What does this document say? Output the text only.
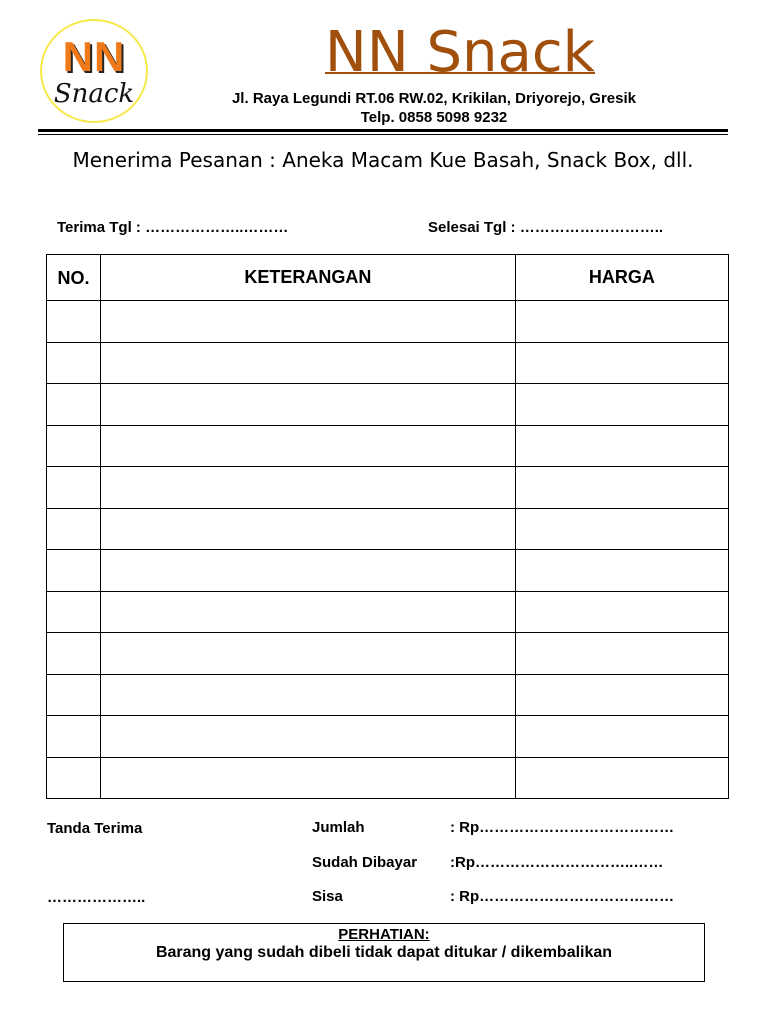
NN
Snack
NN Snack
Jl. Raya Legundi RT.06 RW.02, Krikilan, Driyorejo, Gresik
Telp. 0858 5098 9232
Menerima Pesanan : Aneka Macam Kue Basah, Snack Box, dll.
Terima Tgl : ………………..………	Selesai Tgl : ………………………..
NO.	KETERANGAN	HARGA

Tanda Terima
………………..
Jumlah	: Rp…………………………………
Sudah Dibayar :Rp…………………………..……
Sisa	: Rp…………………………………
PERHATIAN:
Barang yang sudah dibeli tidak dapat ditukar / dikembalikan
